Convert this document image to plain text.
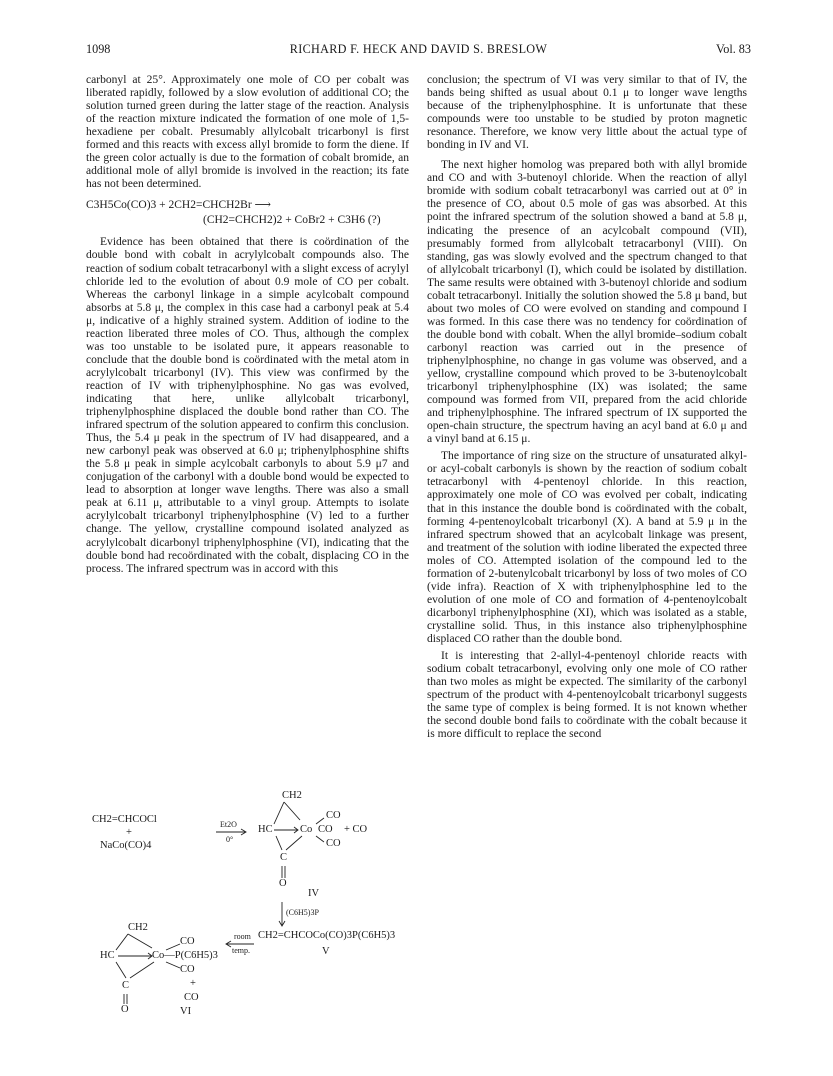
1098	RICHARD F. HECK AND DAVID S. BRESLOW	Vol. 83

carbonyl at 25°. Approximately one mole of CO per cobalt was liberated rapidly, followed by a slow evolution of additional CO; the solution turned green during the latter stage of the reaction. Analysis of the reaction mixture indicated the formation of one mole of 1,5-hexadiene per cobalt. Presumably allylcobalt tricarbonyl is first formed and this reacts with excess allyl bromide to form the diene. If the green color actually is due to the formation of cobalt bromide, an additional mole of allyl bromide is involved in the reaction; its fate has not been determined.

C3H5Co(CO)3 + 2CH2=CHCH2Br ⟶
(CH2=CHCH2)2 + CoBr2 + C3H6 (?)

Evidence has been obtained that there is coördination of the double bond with cobalt in acrylylcobalt compounds also. The reaction of sodium cobalt tetracarbonyl with a slight excess of acrylyl chloride led to the evolution of about 0.9 mole of CO per cobalt. Whereas the carbonyl linkage in a simple acylcobalt compound absorbs at 5.8 μ, the complex in this case had a carbonyl peak at 5.4 μ, indicative of a highly strained system. Addition of iodine to the reaction liberated three moles of CO. Thus, although the complex was too unstable to be isolated pure, it appears reasonable to conclude that the double bond is coördinated with the metal atom in acrylylcobalt tricarbonyl (IV). This view was confirmed by the reaction of IV with triphenylphosphine. No gas was evolved, indicating that here, unlike allylcobalt tricarbonyl, triphenylphosphine displaced the double bond rather than CO. The infrared spectrum of the solution appeared to confirm this conclusion. Thus, the 5.4 μ peak in the spectrum of IV had disappeared, and a new carbonyl peak was observed at 6.0 μ; triphenylphosphine shifts the 5.8 μ peak in simple acylcobalt carbonyls to about 5.9 μ7 and conjugation of the carbonyl with a double bond would be expected to lead to absorption at longer wave lengths. There was also a small peak at 6.11 μ, attributable to a vinyl group. Attempts to isolate acrylylcobalt tricarbonyl triphenylphosphine (V) led to a further change. The yellow, crystalline compound isolated analyzed as acrylylcobalt dicarbonyl triphenylphosphine (VI), indicating that the double bond had recoördinated with the cobalt, displacing CO in the process. The infrared spectrum was in accord with this

conclusion; the spectrum of VI was very similar to that of IV, the bands being shifted as usual about 0.1 μ to longer wave lengths because of the triphenylphosphine. It is unfortunate that these compounds were too unstable to be studied by proton magnetic resonance. Therefore, we know very little about the actual type of bonding in IV and VI.

The next higher homolog was prepared both with allyl bromide and CO and with 3-butenoyl chloride. When the reaction of allyl bromide with sodium cobalt tetracarbonyl was carried out at 0° in the presence of CO, about 0.5 mole of gas was absorbed. At this point the infrared spectrum of the solution showed a band at 5.8 μ, indicating the presence of an acylcobalt compound (VII), presumably formed from allylcobalt tetracarbonyl (VIII). On standing, gas was slowly evolved and the spectrum changed to that of allylcobalt tricarbonyl (I), which could be isolated by distillation. The same results were obtained with 3-butenoyl chloride and sodium cobalt tetracarbonyl. Initially the solution showed the 5.8 μ band, but about two moles of CO were evolved on standing and compound I was formed. In this case there was no tendency for coördination of the double bond with cobalt. When the allyl bromide–sodium cobalt carbonyl reaction was carried out in the presence of triphenylphosphine, no change in gas volume was observed, and a yellow, crystalline compound which proved to be 3-butenoylcobalt tricarbonyl triphenylphosphine (IX) was isolated; the same compound was formed from VII, prepared from the acid chloride and triphenylphosphine. The infrared spectrum of IX supported the open-chain structure, the spectrum having an acyl band at 6.0 μ and a vinyl band at 6.15 μ.

The importance of ring size on the structure of unsaturated alkyl- or acyl-cobalt carbonyls is shown by the reaction of sodium cobalt tetracarbonyl with 4-pentenoyl chloride. In this reaction, approximately one mole of CO was evolved per cobalt, indicating that in this instance the double bond is coördinated with the cobalt, forming 4-pentenoylcobalt tricarbonyl (X). A band at 5.9 μ in the infrared spectrum showed that an acylcobalt linkage was present, and treatment of the solution with iodine liberated the expected three moles of CO. Attempted isolation of the compound led to the formation of 2-butenylcobalt tricarbonyl by loss of two moles of CO (vide infra). Reaction of X with triphenylphosphine led to the evolution of one mole of CO and formation of 4-pentenoylcobalt dicarbonyl triphenylphosphine (XI), which was isolated as a stable, crystalline solid. Thus, in this instance also triphenylphosphine displaced CO rather than the double bond.

It is interesting that 2-allyl-4-pentenoyl chloride reacts with sodium cobalt tetracarbonyl, evolving only one mole of CO rather than two moles as might be expected. The similarity of the carbonyl spectrum of the product with 4-pentenoylcobalt tricarbonyl suggests the same type of complex is being formed. It is not known whether the second double bond fails to coördinate with the cobalt because it is more difficult to replace the second

CH2=CHCOCl
+
NaCo(CO)4
Et2O
0°
CH2
HC	Co
CO
CO
CO
+ CO
C
O
IV
(C6H5)3P
CH2=CHCOCo(CO)3P(C6H5)3
V
room
temp.
CH2
HC	Co—P(C6H5)3
CO
CO
C
O
+
CO
VI
